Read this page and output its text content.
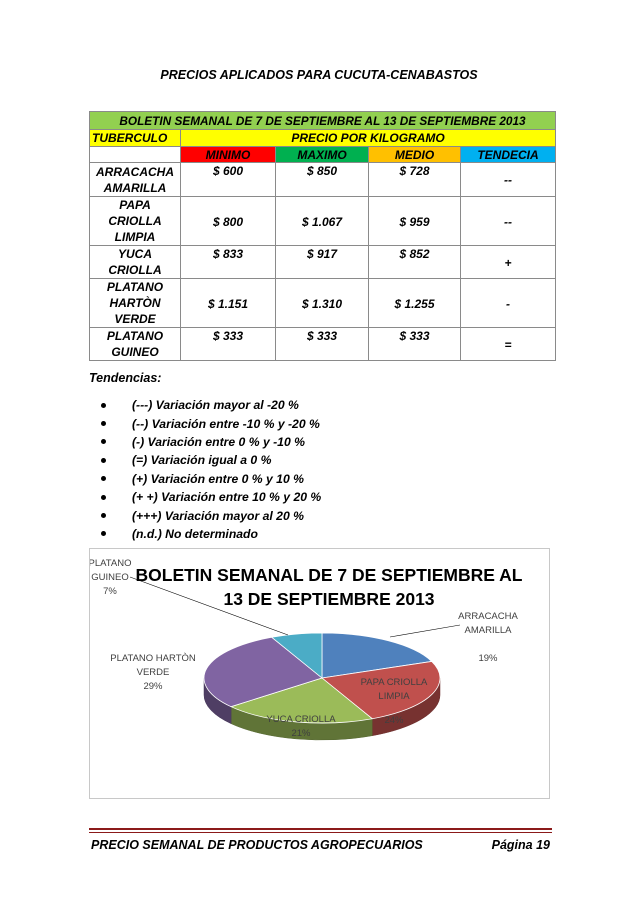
PRECIOS APLICADOS PARA CUCUTA-CENABASTOS
BOLETIN SEMANAL DE 7 DE SEPTIEMBRE AL 13 DE SEPTIEMBRE 2013				
TUBERCULO	PRECIO POR KILOGRAMO			
	MINIMO	MAXIMO	MEDIO	TENDECIA

ARRACACHA
AMARILLA	$ 600	$ 850	$ 728	--

PAPA
CRIOLLA
LIMPIA	$ 800	$ 1.067	$ 959	--

YUCA
CRIOLLA	$ 833	$ 917	$ 852	+

PLATANO
HARTÒN
VERDE	$ 1.151	$ 1.310	$ 1.255	-

PLATANO
GUINEO	$ 333	$ 333	$ 333	=
Tendencias:
(---) Variación mayor al -20 %
(--) Variación entre -10 % y -20 %
(-) Variación entre 0 % y -10 %
(=) Variación igual a 0 %
(+) Variación entre 0 % y 10 %
(+ +) Variación entre 10 % y 20 %
(+++) Variación mayor al 20 %
(n.d.) No determinado
BOLETIN SEMANAL DE 7 DE SEPTIEMBRE AL
13 DE SEPTIEMBRE 2013
ARRACACHA
AMARILLA
19%
PAPA CRIOLLA
LIMPIA
24%
YUCA CRIOLLA
21%
PLATANO HARTÒN
VERDE
29%
PLATANO
GUINEO
7%
PRECIO SEMANAL DE PRODUCTOS AGROPECUARIOS	Página 19
